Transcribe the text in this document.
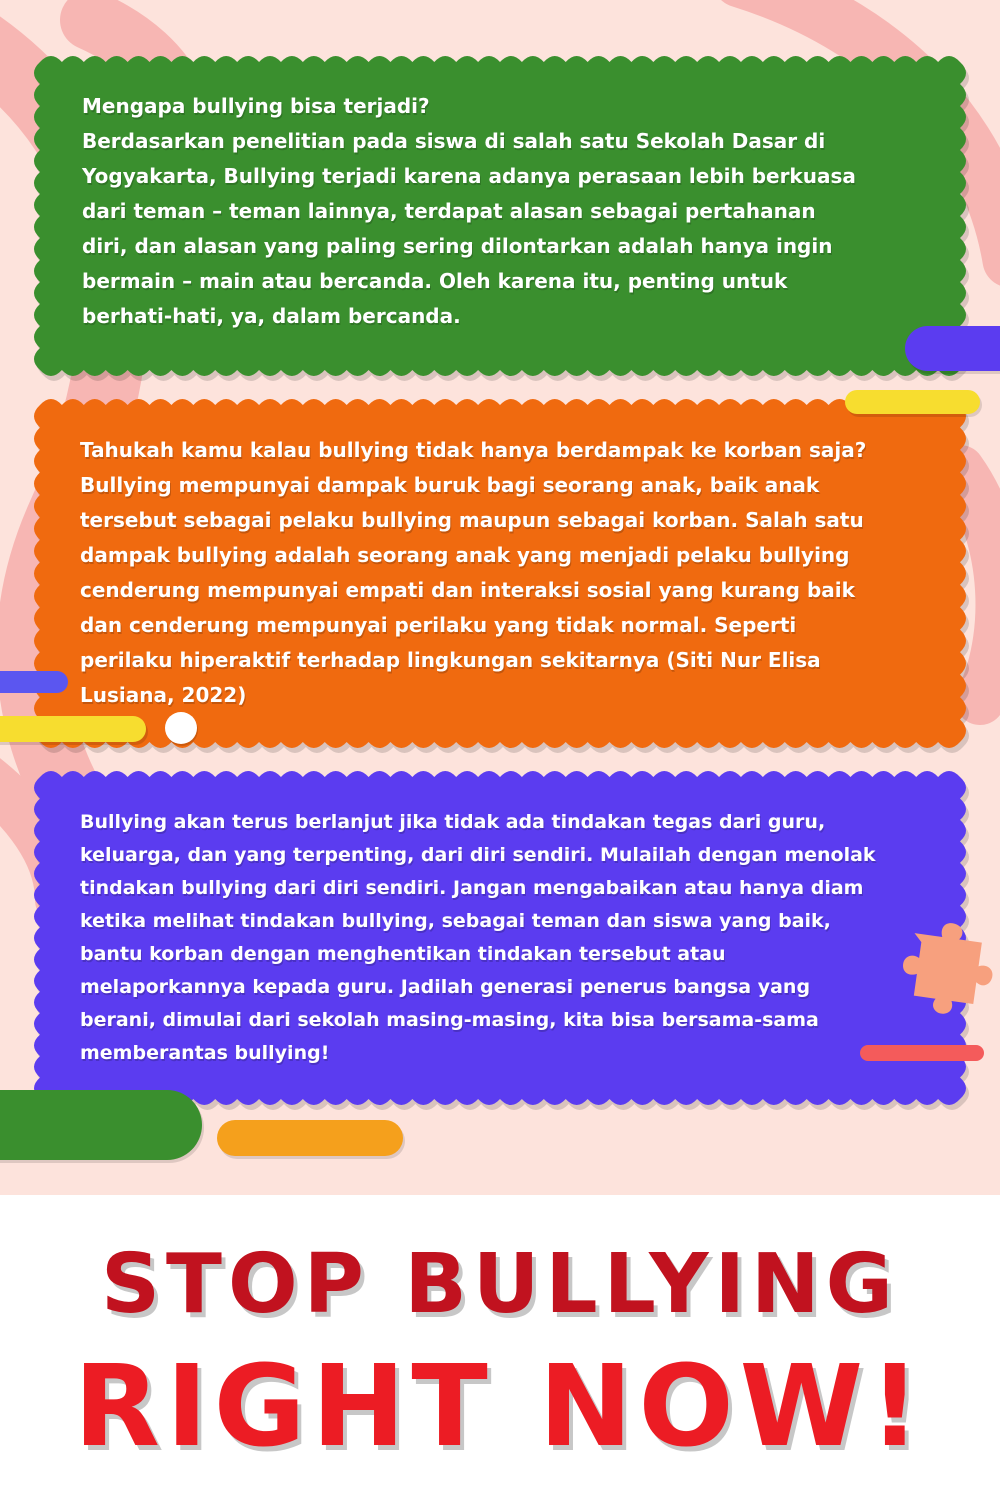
Mengapa bullying bisa terjadi?
Berdasarkan penelitian pada siswa di salah satu Sekolah Dasar di
Yogyakarta, Bullying terjadi karena adanya perasaan lebih berkuasa
dari teman – teman lainnya, terdapat alasan sebagai pertahanan
diri, dan alasan yang paling sering dilontarkan adalah hanya ingin
bermain – main atau bercanda. Oleh karena itu, penting untuk
berhati-hati, ya, dalam bercanda.

Tahukah kamu kalau bullying tidak hanya berdampak ke korban saja?
Bullying mempunyai dampak buruk bagi seorang anak, baik anak
tersebut sebagai pelaku bullying maupun sebagai korban. Salah satu
dampak bullying adalah seorang anak yang menjadi pelaku bullying
cenderung mempunyai empati dan interaksi sosial yang kurang baik
dan cenderung mempunyai perilaku yang tidak normal. Seperti
perilaku hiperaktif terhadap lingkungan sekitarnya (Siti Nur Elisa
Lusiana, 2022)

Bullying akan terus berlanjut jika tidak ada tindakan tegas dari guru,
keluarga, dan yang terpenting, dari diri sendiri. Mulailah dengan menolak
tindakan bullying dari diri sendiri. Jangan mengabaikan atau hanya diam
ketika melihat tindakan bullying, sebagai teman dan siswa yang baik,
bantu korban dengan menghentikan tindakan tersebut atau
melaporkannya kepada guru. Jadilah generasi penerus bangsa yang
berani, dimulai dari sekolah masing-masing, kita bisa bersama-sama
memberantas bullying!

STOP BULLYING
RIGHT NOW!
